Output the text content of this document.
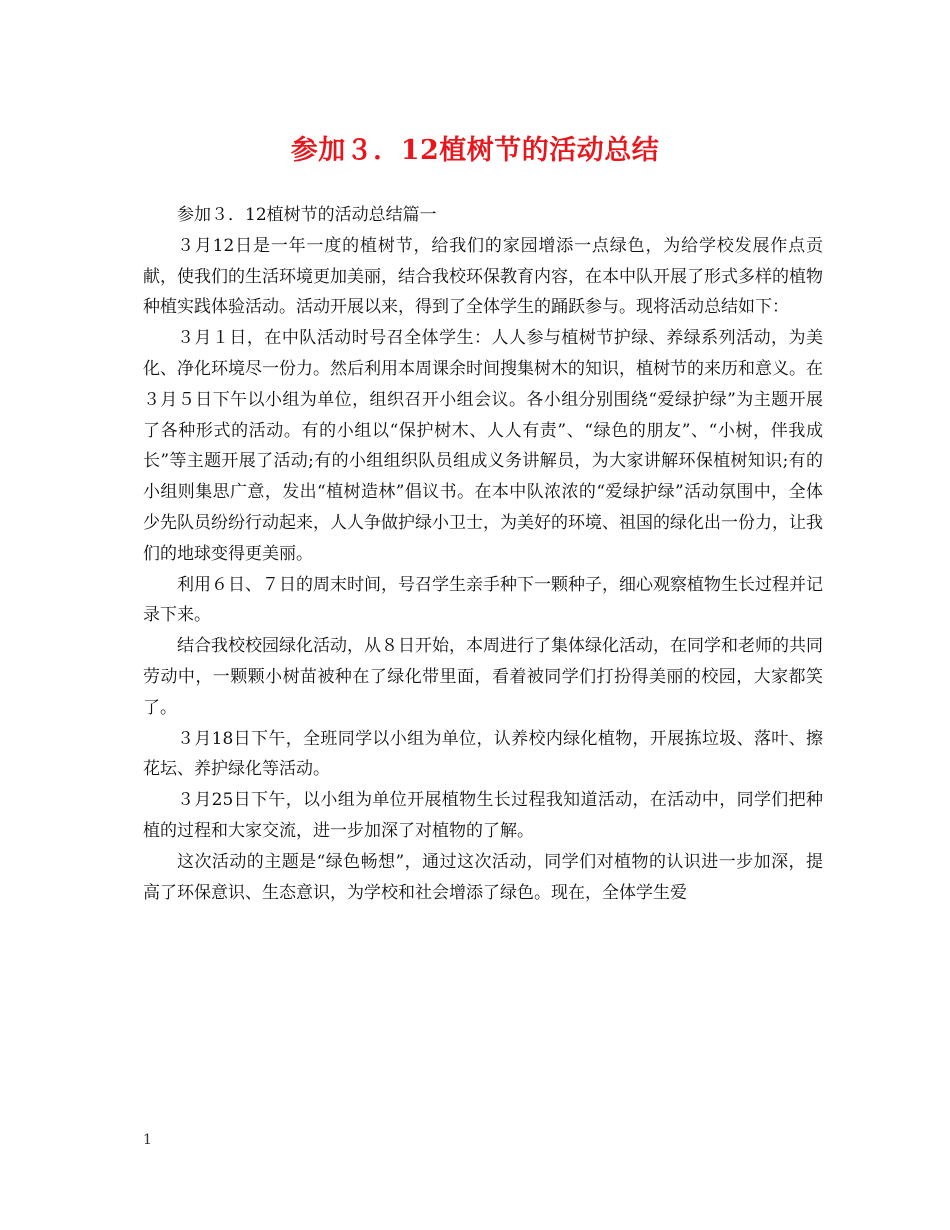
参加３．12植树节的活动总结

参加３．12植树节的活动总结篇一

３月12日是一年一度的植树节，给我们的家园增添一点绿色，为给学校发展作点贡献，使我们的生活环境更加美丽，结合我校环保教育内容，在本中队开展了形式多样的植物种植实践体验活动。活动开展以来，得到了全体学生的踊跃参与。现将活动总结如下：

３月１日，在中队活动时号召全体学生：人人参与植树节护绿、养绿系列活动，为美化、净化环境尽一份力。然后利用本周课余时间搜集树木的知识，植树节的来历和意义。在３月５日下午以小组为单位，组织召开小组会议。各小组分别围绕“爱绿护绿”为主题开展了各种形式的活动。有的小组以“保护树木、人人有责”、“绿色的朋友”、“小树，伴我成长”等主题开展了活动;有的小组组织队员组成义务讲解员，为大家讲解环保植树知识;有的小组则集思广意，发出“植树造林”倡议书。在本中队浓浓的“爱绿护绿”活动氛围中，全体少先队员纷纷行动起来，人人争做护绿小卫士，为美好的环境、祖国的绿化出一份力，让我们的地球变得更美丽。

利用６日、７日的周末时间，号召学生亲手种下一颗种子，细心观察植物生长过程并记录下来。

结合我校校园绿化活动，从８日开始，本周进行了集体绿化活动，在同学和老师的共同劳动中，一颗颗小树苗被种在了绿化带里面，看着被同学们打扮得美丽的校园，大家都笑了。

３月18日下午，全班同学以小组为单位，认养校内绿化植物，开展拣垃圾、落叶、擦花坛、养护绿化等活动。

３月25日下午，以小组为单位开展植物生长过程我知道活动，在活动中，同学们把种植的过程和大家交流，进一步加深了对植物的了解。

这次活动的主题是“绿色畅想”，通过这次活动，同学们对植物的认识进一步加深，提高了环保意识、生态意识，为学校和社会增添了绿色。现在，全体学生爱

1
